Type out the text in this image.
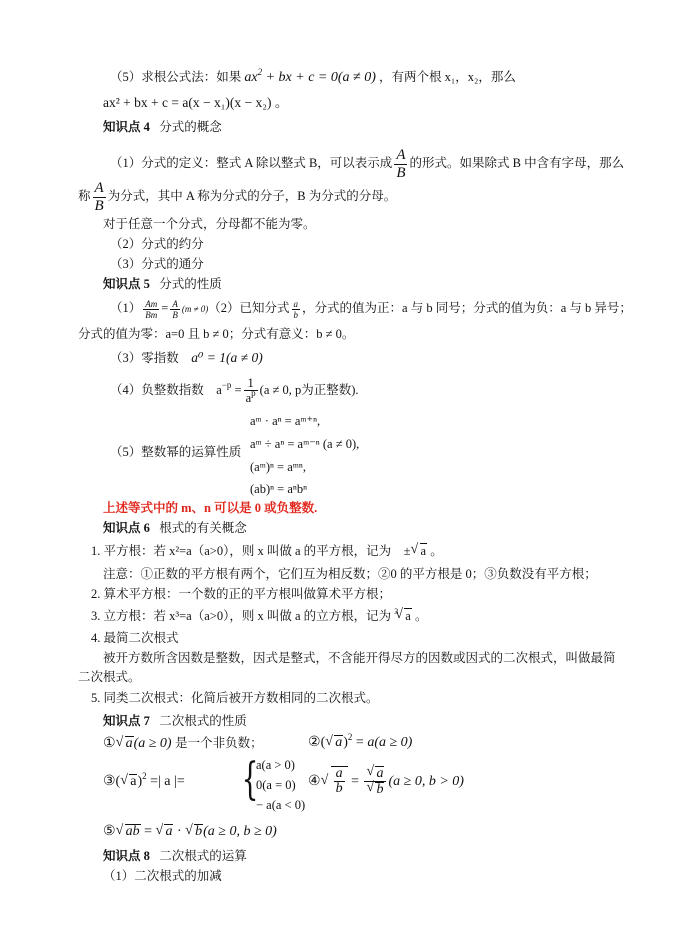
（5）求根公式法：如果 $ax^2$ + bx + c = 0(a ≠ 0) ，有两个根 x₁，x₂，那么
ax² + bx + c = a(x − x₁)(x − x₂) 。
知识点 4 分式的概念
（1）分式的定义：整式 A 除以整式 B，可以表示成 $\frac{A}{B}$ 的形式。如果除式 B 中含有字母，那么
称 $\frac{A}{B}$ 为分式，其中 A 称为分式的分子，B 为分式的分母。
对于任意一个分式，分母都不能为零。
（2）分式的约分
（3）分式的通分
知识点 5 分式的性质
$(1) \frac{Am}{Bm} = \frac{A}{B} (m \ne 0)(2)$已知分式 $\frac{a}{b}$ ，分式的值为正：a 与 b 同号；分式的值为负：a 与 b 异号；
分式的值为零：a=0 且 b ≠ 0；分式有意义：b ≠ 0。
（3）零指数 a⁰ = 1(a ≠ 0)
（4）负整数指数 $a^{-p} = \frac{1}{a^p} (a \ne 0$, p为正整数).
（5）整数幂的运算性质
aᵐ · aⁿ = aᵐ⁺ⁿ,
aᵐ ÷ aⁿ = aᵐ⁻ⁿ (a ≠ 0),
(aᵐ)ⁿ = aᵐⁿ,
(ab)ⁿ = aⁿbⁿ
上述等式中的 m、n 可以是 0 或负整数.
知识点 6 根式的有关概念
1. 平方根：若 x²=a（a>0），则 x 叫做 a 的平方根，记为 ± √ a 。
注意：①正数的平方根有两个，它们互为相反数；②0 的平方根是 0；③负数没有平方根；
2. 算术平方根：一个数的正的平方根叫做算术平方根；
3. 立方根：若 x³=a（a>0），则 x 叫做 a 的立方根，记为 $^3$ √ a 。
4. 最简二次根式
被开方数所含因数是整数，因式是整式，不含能开得尽方的因数或因式的二次根式，叫做最简
二次根式。
5. 同类二次根式：化简后被开方数相同的二次根式。
知识点 7 二次根式的性质
① √ a(a ≥ 0) 是一个非负数；	②( √ a)$^2$ = a(a ≥ 0)
③( √ a)$^2$ =| a |= {
a(a > 0)
0(a = 0)
− a(a < 0)
④ √ $\frac{a}{b}$ = √ a
√ b (a ≥ 0, b > 0)
⑤ √ ab = √ a · √ b(a ≥ 0, b ≥ 0)
知识点 8 二次根式的运算
（1）二次根式的加减
